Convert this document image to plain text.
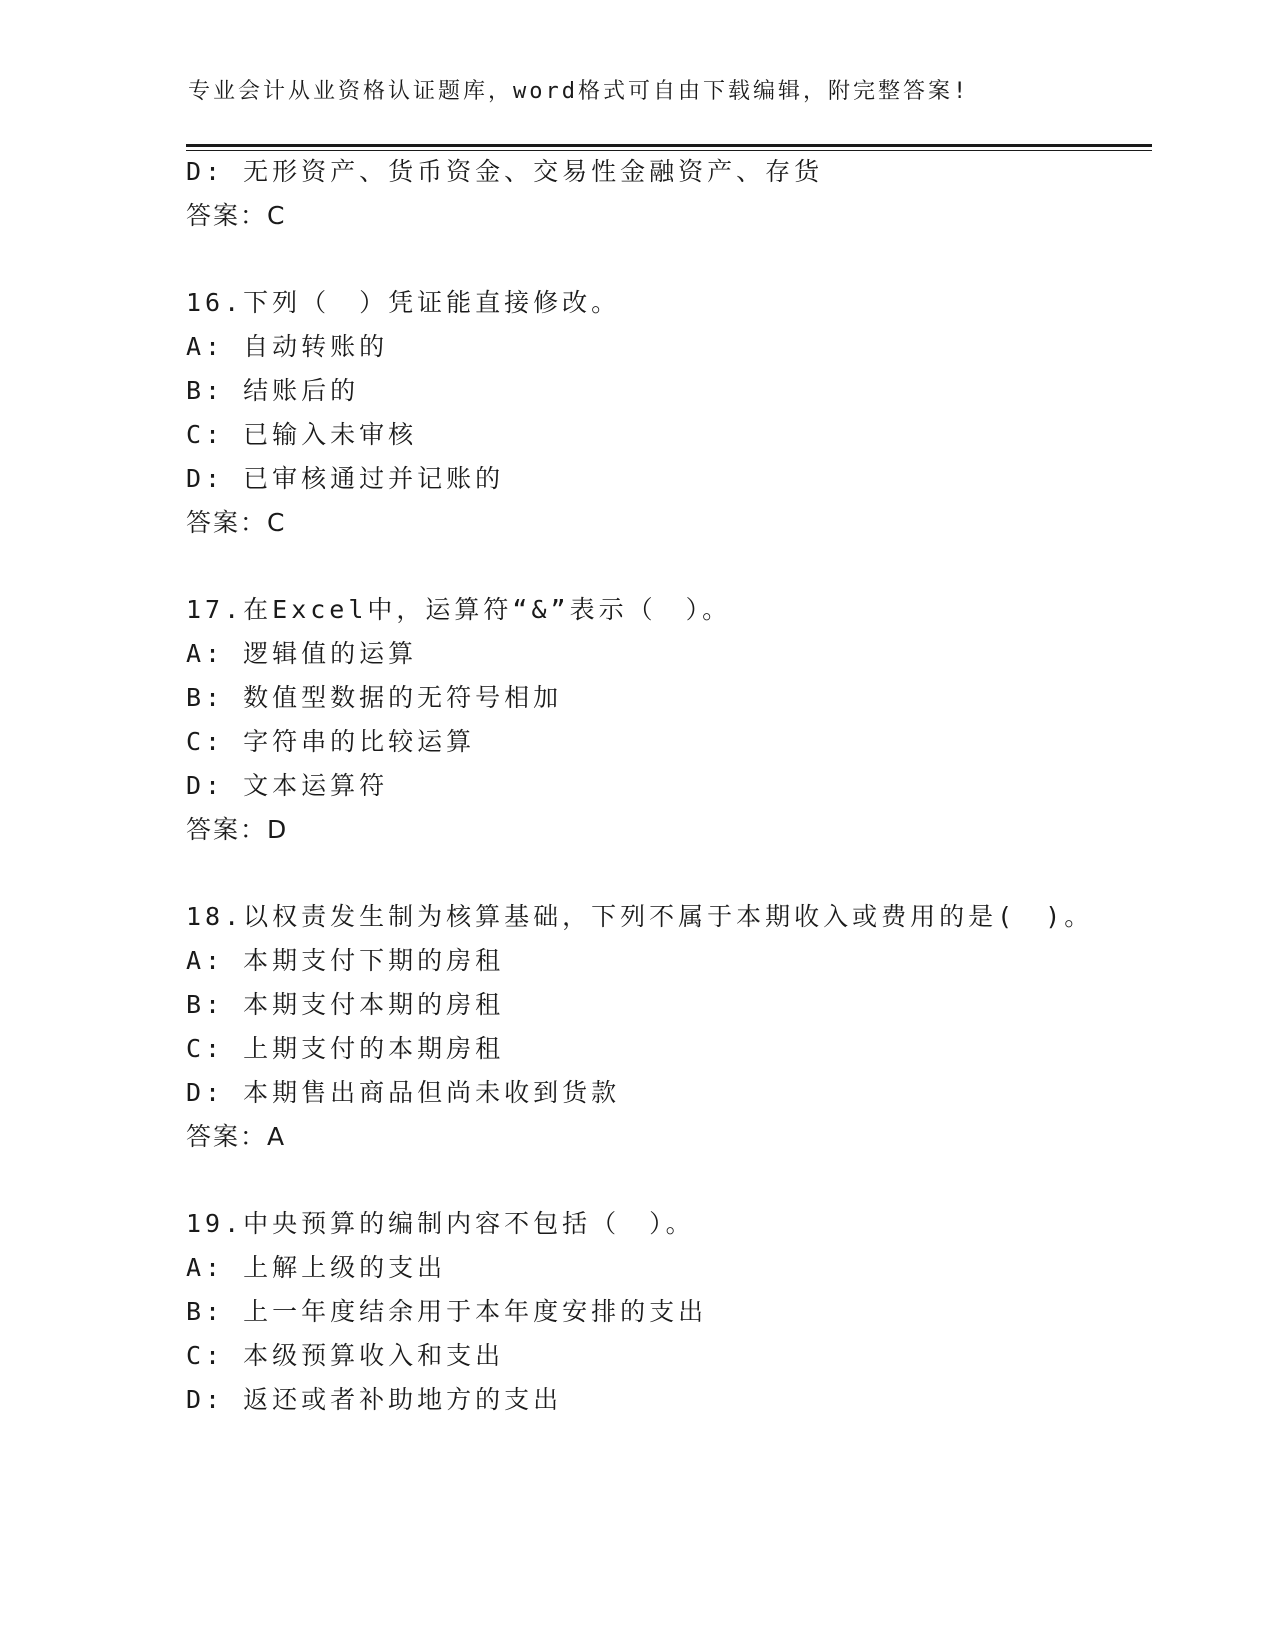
专业会计从业资格认证题库，word格式可自由下载编辑，附完整答案!
D: 无形资产、货币资金、交易性金融资产、存货
答案：C
16.下列（　）凭证能直接修改。
A: 自动转账的
B: 结账后的
C: 已输入未审核
D: 已审核通过并记账的
答案：C
17.在Excel中，运算符“&”表示（　）。
A: 逻辑值的运算
B: 数值型数据的无符号相加
C: 字符串的比较运算
D: 文本运算符
答案：D
18.以权责发生制为核算基础，下列不属于本期收入或费用的是(　)。
A: 本期支付下期的房租
B: 本期支付本期的房租
C: 上期支付的本期房租
D: 本期售出商品但尚未收到货款
答案：A
19.中央预算的编制内容不包括（　）。
A: 上解上级的支出
B: 上一年度结余用于本年度安排的支出
C: 本级预算收入和支出
D: 返还或者补助地方的支出
